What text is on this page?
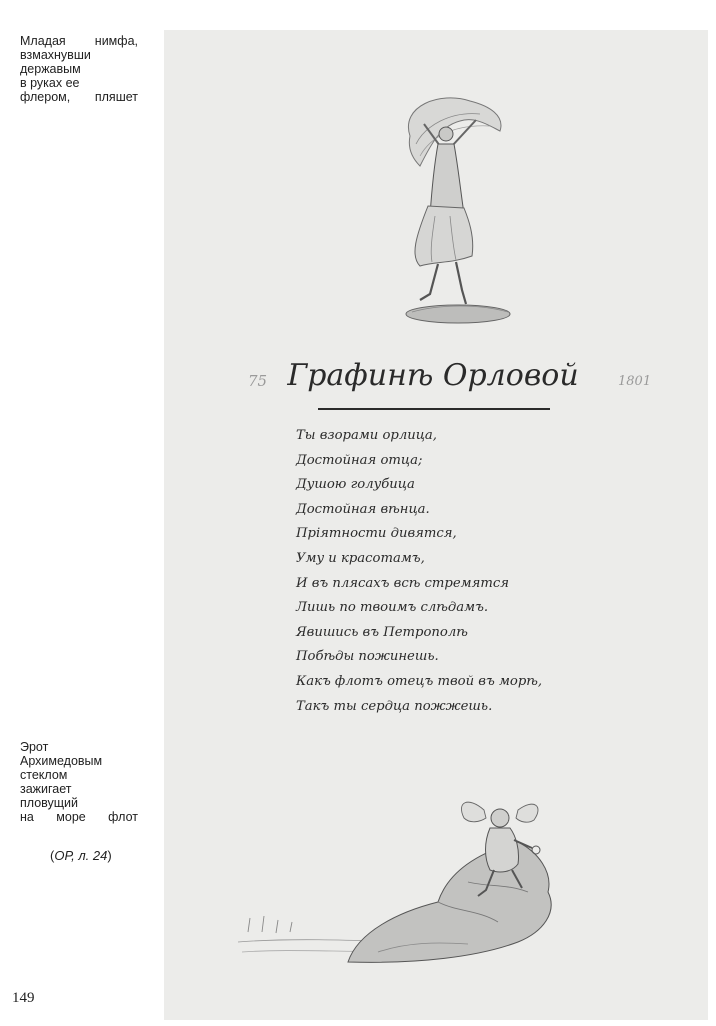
Младая нимфа,
взмахнувши
державым
в руках ее
флером, пляшет
Эрот
Архимедовым
стеклом
зажигает
пловущий
на море флот
(ОР, л. 24)
149
75 Графинѣ Орловой	1801
Ты взорами орлица,
Достойная отца;
Душою голубица
Достойная вѣнца.
Прiятности дивятся,
Уму и красотамъ,
И въ плясахъ всѣ стремятся
Лишь по твоимъ слѣдамъ.
Явишись въ Петрополѣ
Побѣды пожинешь.
Какъ флотъ отецъ твой въ морѣ,
Такъ ты сердца пожжешь.
